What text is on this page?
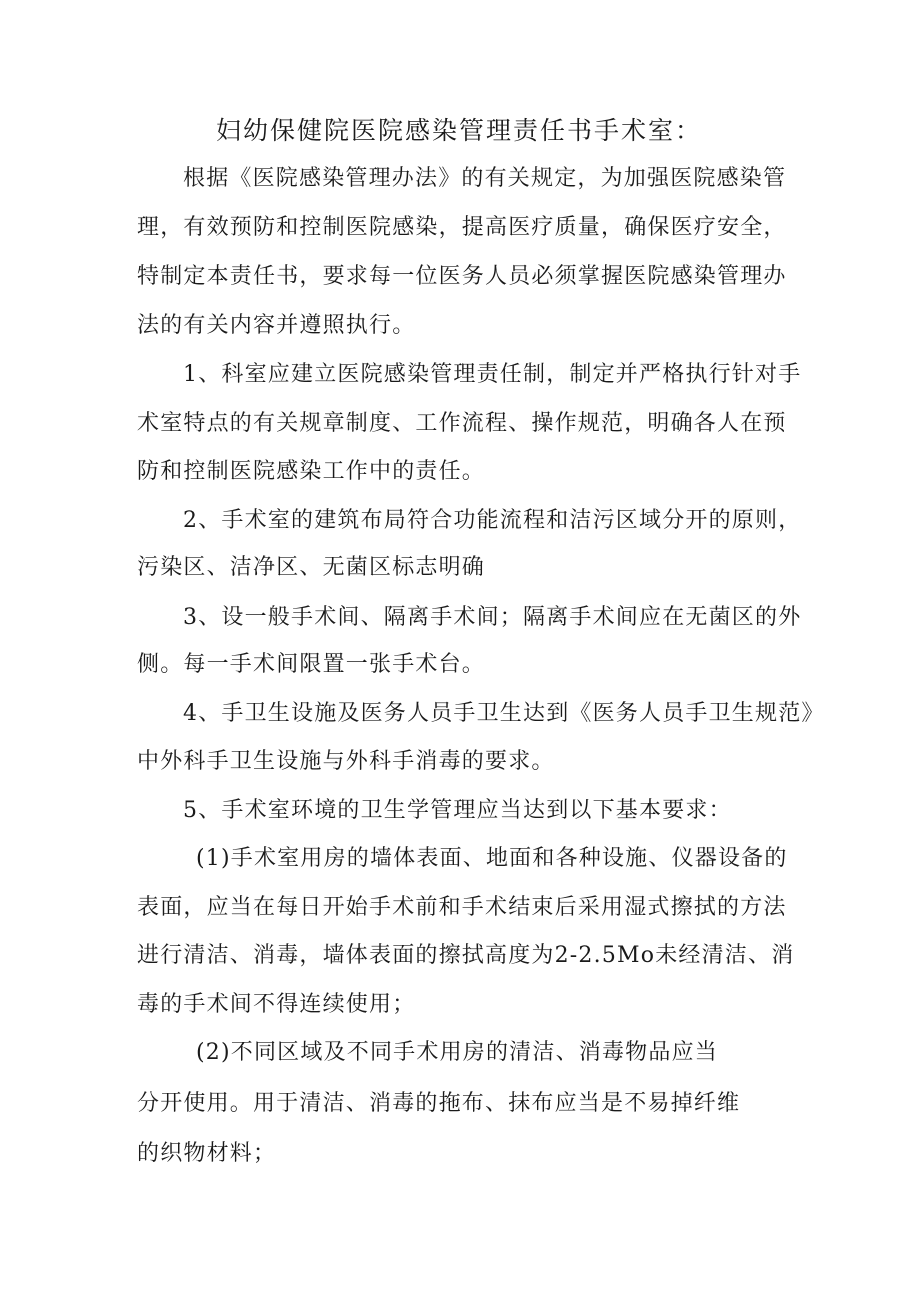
妇幼保健院医院感染管理责任书手术室：
根据《医院感染管理办法》的有关规定，为加强医院感染管
理，有效预防和控制医院感染，提高医疗质量，确保医疗安全，
特制定本责任书，要求每一位医务人员必须掌握医院感染管理办
法的有关内容并遵照执行。
1、科室应建立医院感染管理责任制，制定并严格执行针对手
术室特点的有关规章制度、工作流程、操作规范，明确各人在预
防和控制医院感染工作中的责任。
2、手术室的建筑布局符合功能流程和洁污区域分开的原则，
污染区、洁净区、无菌区标志明确
3、设一般手术间、隔离手术间；隔离手术间应在无菌区的外
侧。每一手术间限置一张手术台。
4、手卫生设施及医务人员手卫生达到《医务人员手卫生规范》
中外科手卫生设施与外科手消毒的要求。
5、手术室环境的卫生学管理应当达到以下基本要求：
(1)手术室用房的墙体表面、地面和各种设施、仪器设备的
表面，应当在每日开始手术前和手术结束后采用湿式擦拭的方法
进行清洁、消毒，墙体表面的擦拭高度为2-2.5Mo未经清洁、消
毒的手术间不得连续使用；
(2)不同区域及不同手术用房的清洁、消毒物品应当
分开使用。用于清洁、消毒的拖布、抹布应当是不易掉纤维
的织物材料；
